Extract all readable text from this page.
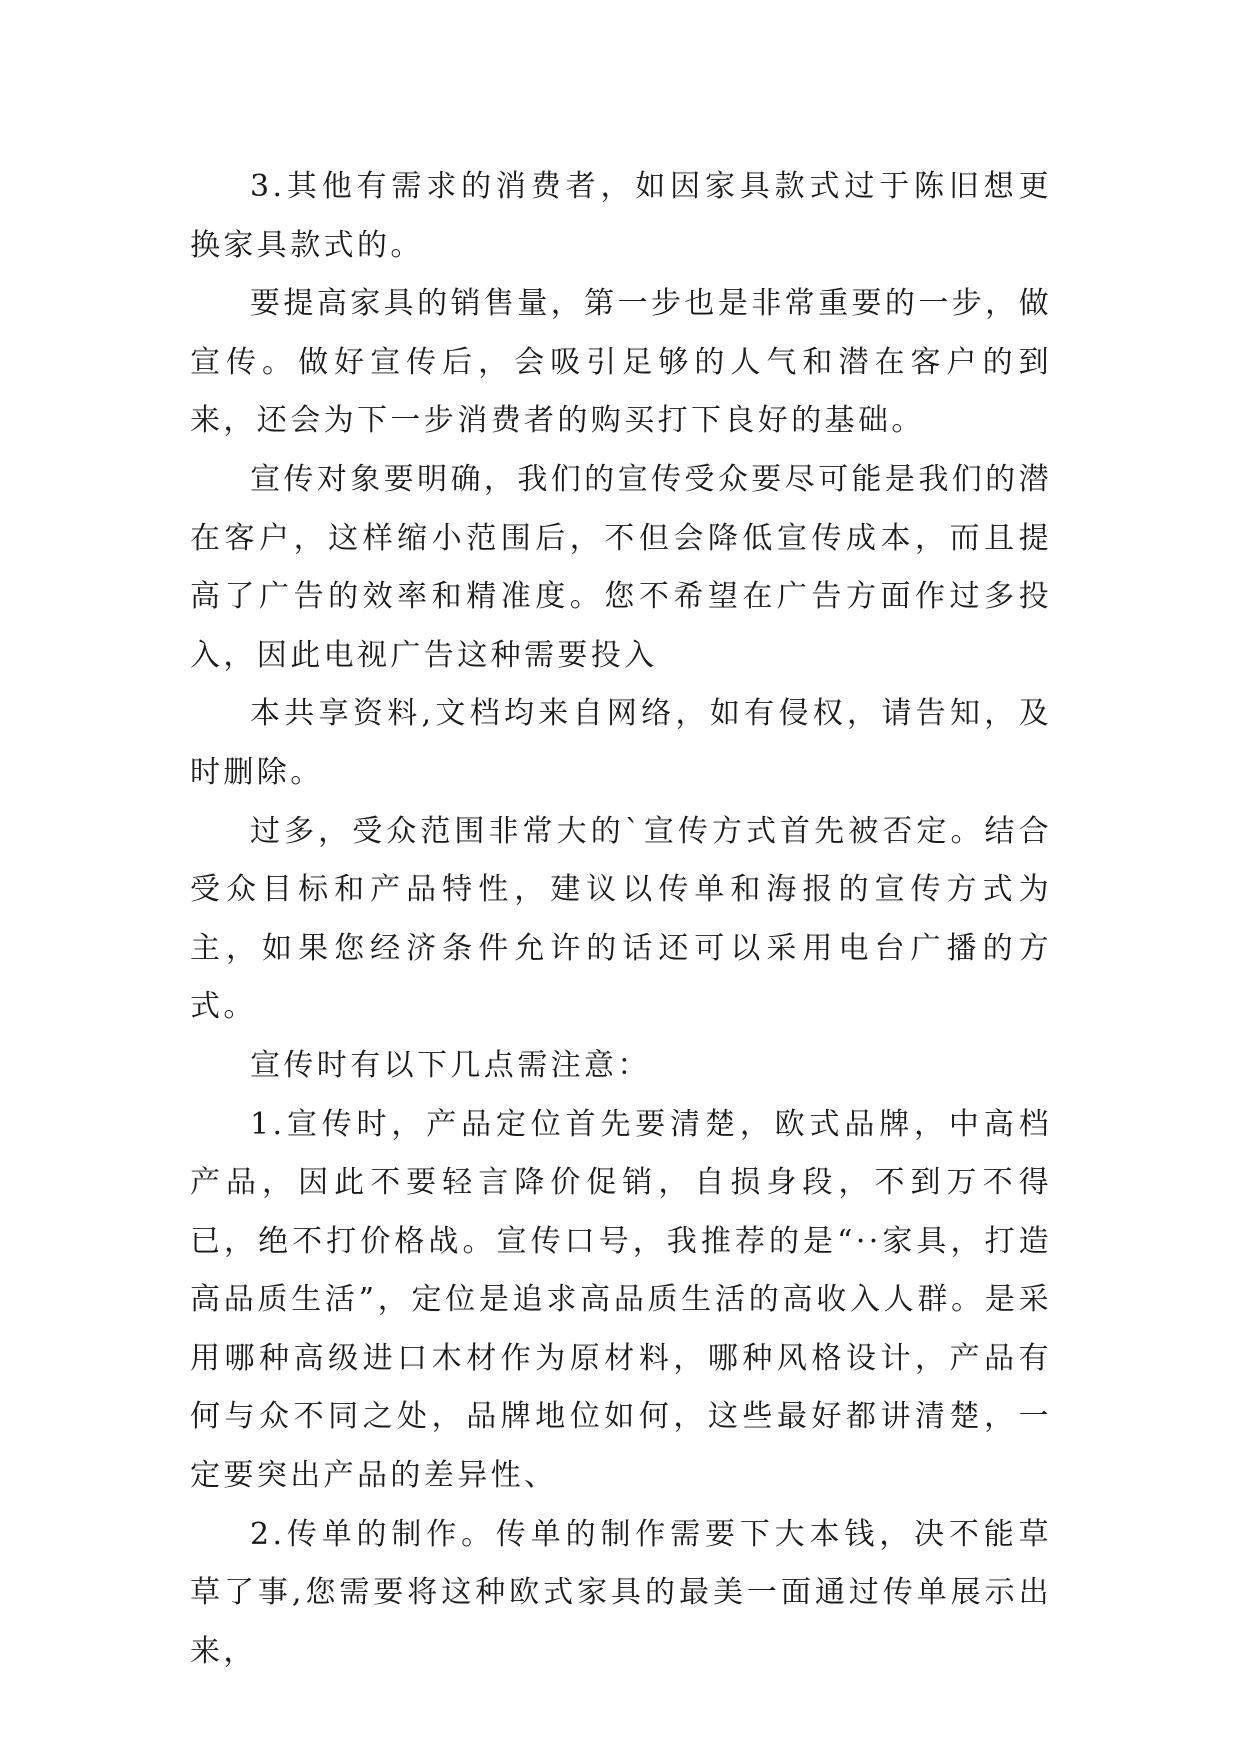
3.其他有需求的消费者，如因家具款式过于陈旧想更换家具款式的。

要提高家具的销售量，第一步也是非常重要的一步，做宣传。做好宣传后，会吸引足够的人气和潜在客户的到来，还会为下一步消费者的购买打下良好的基础。

宣传对象要明确，我们的宣传受众要尽可能是我们的潜在客户，这样缩小范围后，不但会降低宣传成本，而且提高了广告的效率和精准度。您不希望在广告方面作过多投入，因此电视广告这种需要投入

本共享资料,文档均来自网络，如有侵权，请告知，及时删除。

过多，受众范围非常大的`宣传方式首先被否定。结合受众目标和产品特性，建议以传单和海报的宣传方式为主，如果您经济条件允许的话还可以采用电台广播的方式。

宣传时有以下几点需注意：

1.宣传时，产品定位首先要清楚，欧式品牌，中高档产品，因此不要轻言降价促销，自损身段，不到万不得已，绝不打价格战。宣传口号，我推荐的是“··家具，打造高品质生活”，定位是追求高品质生活的高收入人群。是采用哪种高级进口木材作为原材料，哪种风格设计，产品有何与众不同之处，品牌地位如何，这些最好都讲清楚，一定要突出产品的差异性、

2.传单的制作。传单的制作需要下大本钱，决不能草草了事,您需要将这种欧式家具的最美一面通过传单展示出来，
